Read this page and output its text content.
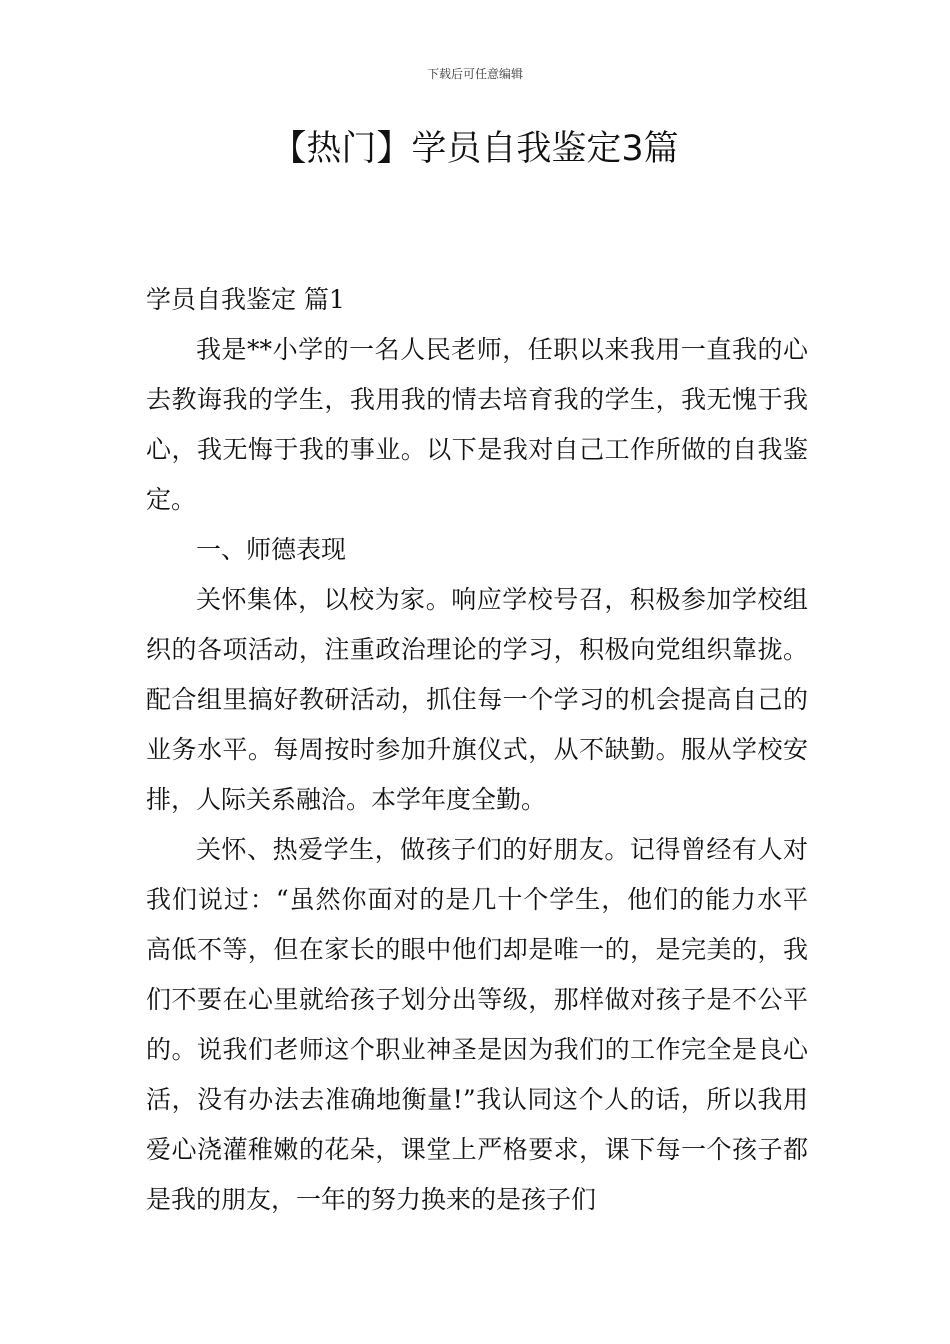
下载后可任意编辑
【热门】学员自我鉴定3篇

学员自我鉴定 篇1

我是**小学的一名人民老师，任职以来我用一直我的心去教诲我的学生，我用我的情去培育我的学生，我无愧于我心，我无悔于我的事业。以下是我对自己工作所做的自我鉴定。

一、师德表现

关怀集体，以校为家。响应学校号召，积极参加学校组织的各项活动，注重政治理论的学习，积极向党组织靠拢。配合组里搞好教研活动，抓住每一个学习的机会提高自己的业务水平。每周按时参加升旗仪式，从不缺勤。服从学校安排，人际关系融洽。本学年度全勤。

关怀、热爱学生，做孩子们的好朋友。记得曾经有人对我们说过：“虽然你面对的是几十个学生，他们的能力水平高低不等，但在家长的眼中他们却是唯一的，是完美的，我们不要在心里就给孩子划分出等级，那样做对孩子是不公平的。说我们老师这个职业神圣是因为我们的工作完全是良心活，没有办法去准确地衡量!”我认同这个人的话，所以我用爱心浇灌稚嫩的花朵，课堂上严格要求，课下每一个孩子都是我的朋友，一年的努力换来的是孩子们
